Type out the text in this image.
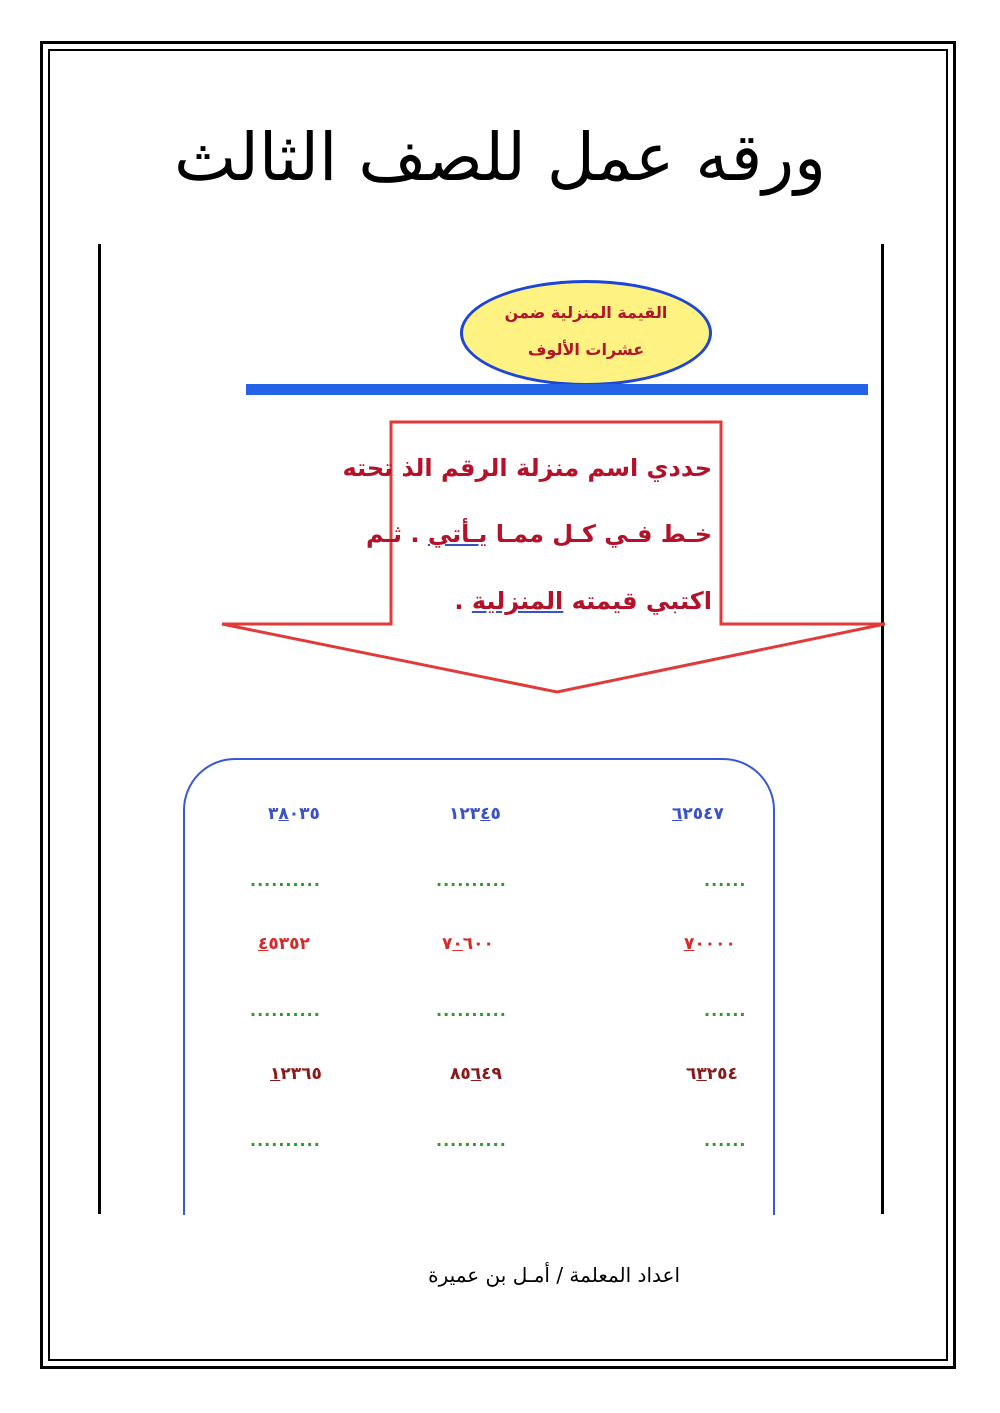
ورقه عمل للصف الثالث
القيمة المنزلية ضمن
عشرات الألوف
حددي اسم منزلة الرقم الذ تحته
خـط فـي كـل ممـا يـأتي . ثـم
اكتبي قيمته المنزلية .
٦٢٥٤٧
١٢٣٤٥
٣٨٠٣٥
......
..........
..........
٧٠٠٠٠
٧٠٦٠٠
٤٥٣٥٢
......
..........
..........
٦٣٢٥٤
٨٥٦٤٩
١٢٣٦٥
......
..........
..........
اعداد المعلمة / أمـل بن عميرة
